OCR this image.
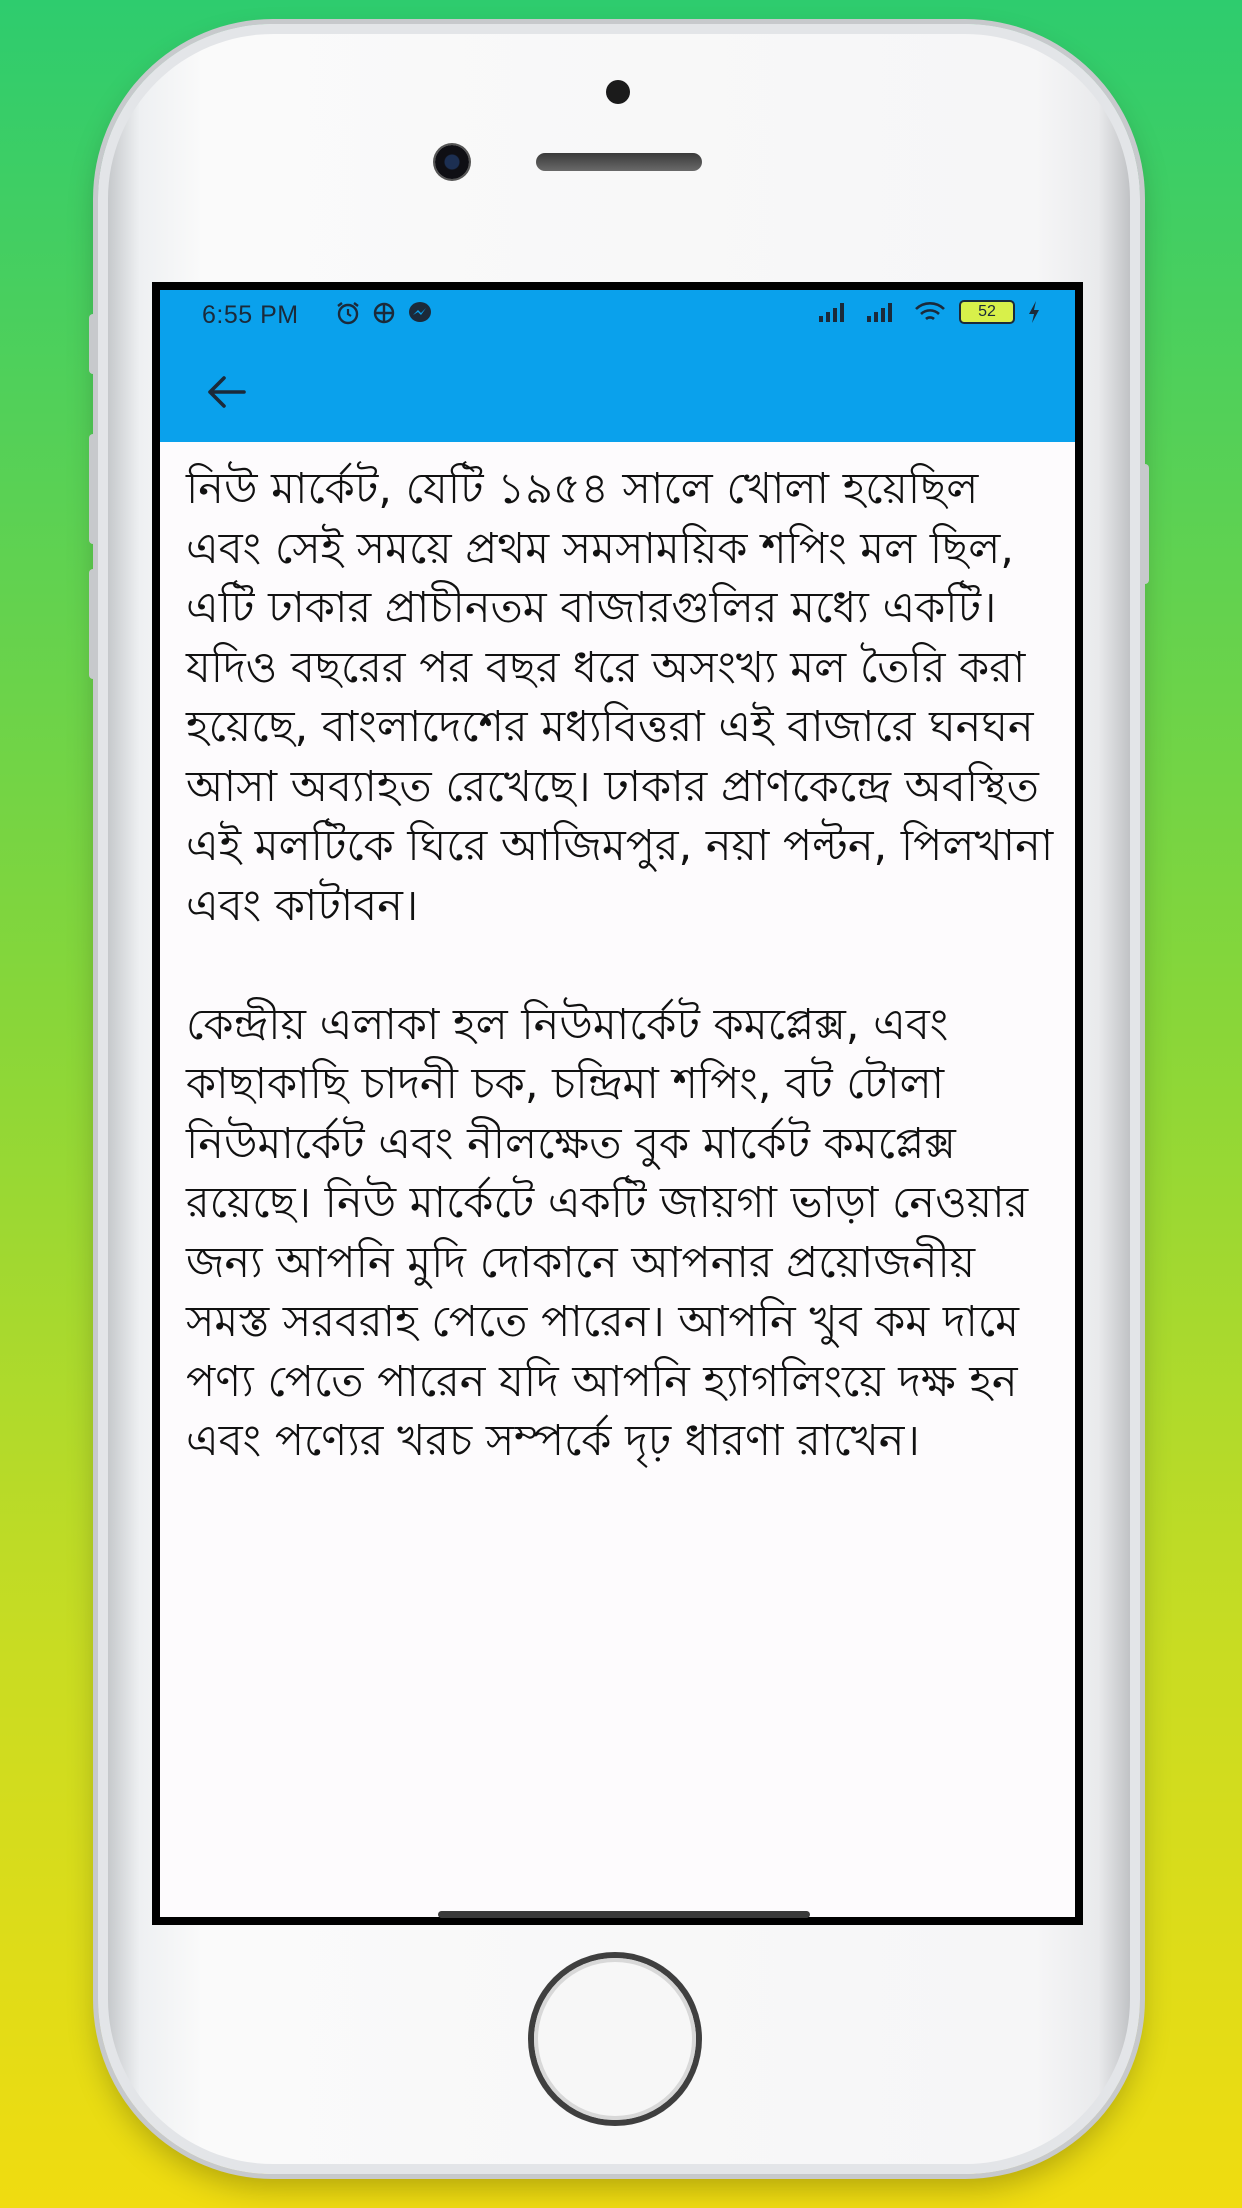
6:55 PM	52
নিউ মার্কেট, যেটি ১৯৫৪ সালে খোলা হয়েছিল এবং সেই সময়ে প্রথম সমসাময়িক শপিং মল ছিল, এটি ঢাকার প্রাচীনতম বাজারগুলির মধ্যে একটি। যদিও বছরের পর বছর ধরে অসংখ্য মল তৈরি করা হয়েছে, বাংলাদেশের মধ্যবিত্তরা এই বাজারে ঘনঘন আসা অব্যাহত রেখেছে। ঢাকার প্রাণকেন্দ্রে অবস্থিত এই মলটিকে ঘিরে আজিমপুর, নয়া পল্টন, পিলখানা এবং কাটাবন।

কেন্দ্রীয় এলাকা হল নিউমার্কেট কমপ্লেক্স, এবং কাছাকাছি চাদনী চক, চন্দ্রিমা শপিং, বট টোলা নিউমার্কেট এবং নীলক্ষেত বুক মার্কেট কমপ্লেক্স রয়েছে। নিউ মার্কেটে একটি জায়গা ভাড়া নেওয়ার জন্য আপনি মুদি দোকানে আপনার প্রয়োজনীয় সমস্ত সরবরাহ পেতে পারেন। আপনি খুব কম দামে পণ্য পেতে পারেন যদি আপনি হ্যাগলিংয়ে দক্ষ হন এবং পণ্যের খরচ সম্পর্কে দৃঢ় ধারণা রাখেন।
